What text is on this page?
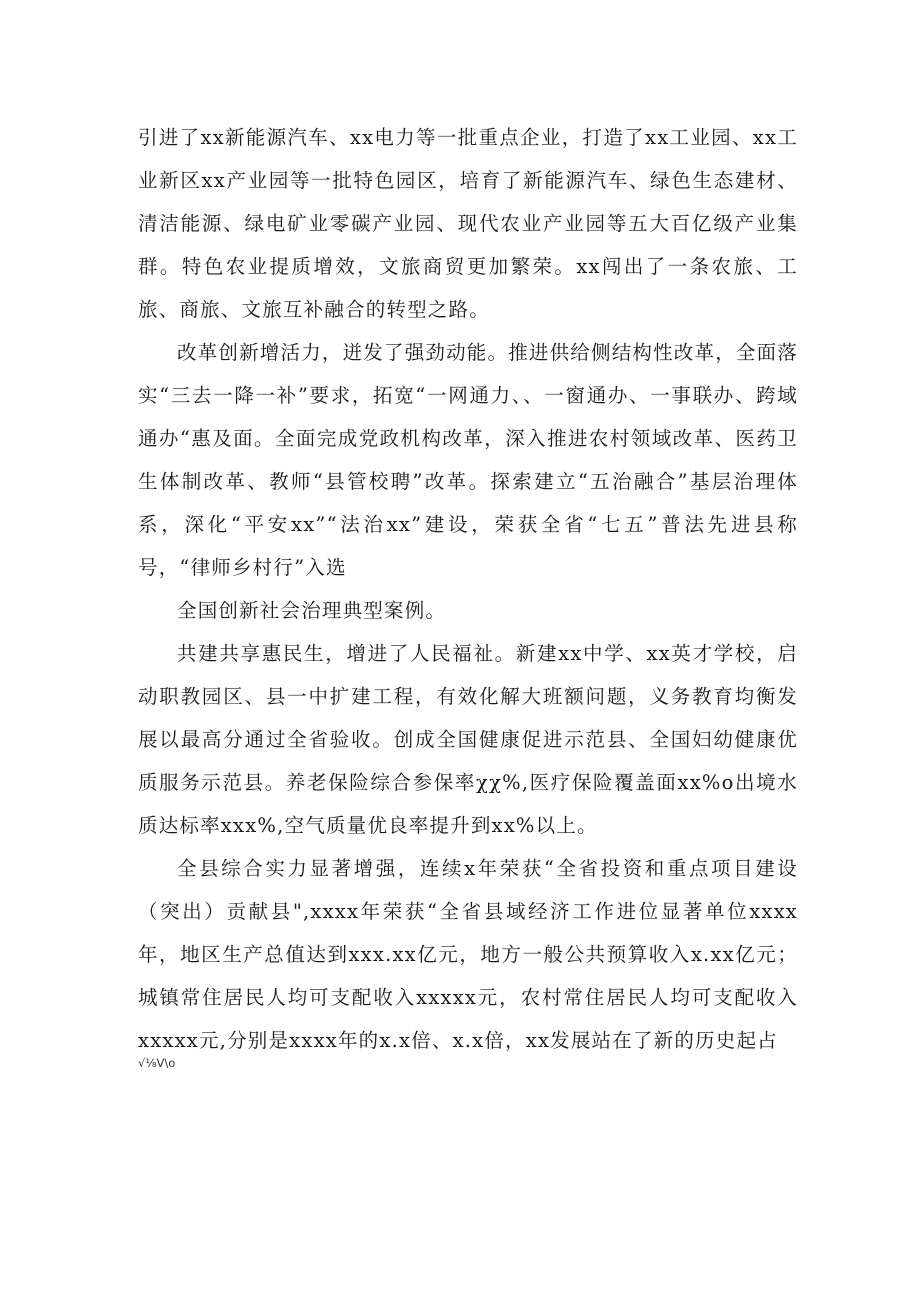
引进了xx新能源汽车、xx电力等一批重点企业，打造了xx工业园、xx工业新区xx产业园等一批特色园区，培育了新能源汽车、绿色生态建材、清洁能源、绿电矿业零碳产业园、现代农业产业园等五大百亿级产业集群。特色农业提质增效，文旅商贸更加繁荣。xx闯出了一条农旅、工旅、商旅、文旅互补融合的转型之路。

改革创新增活力，迸发了强劲动能。推进供给侧结构性改革，全面落实“三去一降一补”要求，拓宽“一网通力、、一窗通办、一事联办、跨域通办“惠及面。全面完成党政机构改革，深入推进农村领域改革、医药卫生体制改革、教师“县管校聘”改革。探索建立“五治融合”基层治理体系，深化“平安xx”“法治xx”建设，荣获全省“七五”普法先进县称号，“律师乡村行”入选

全国创新社会治理典型案例。

共建共享惠民生，增进了人民福祉。新建xx中学、xx英才学校，启动职教园区、县一中扩建工程，有效化解大班额问题，义务教育均衡发展以最高分通过全省验收。创成全国健康促进示范县、全国妇幼健康优质服务示范县。养老保险综合参保率χχ%,医疗保险覆盖面xx%o出境水质达标率xxx%,空气质量优良率提升到xx%以上。

全县综合实力显著增强，连续x年荣获“全省投资和重点项目建设（突出）贡献县",xxxx年荣获“全省县域经济工作进位显著单位xxxx年，地区生产总值达到xxx.xx亿元，地方一般公共预算收入x.xx亿元；城镇常住居民人均可支配收入xxxxx元，农村常住居民人均可支配收入xxxxx元,分别是xxxx年的x.x倍、x.x倍，xx发展站在了新的历史起占

√⅛V\o
